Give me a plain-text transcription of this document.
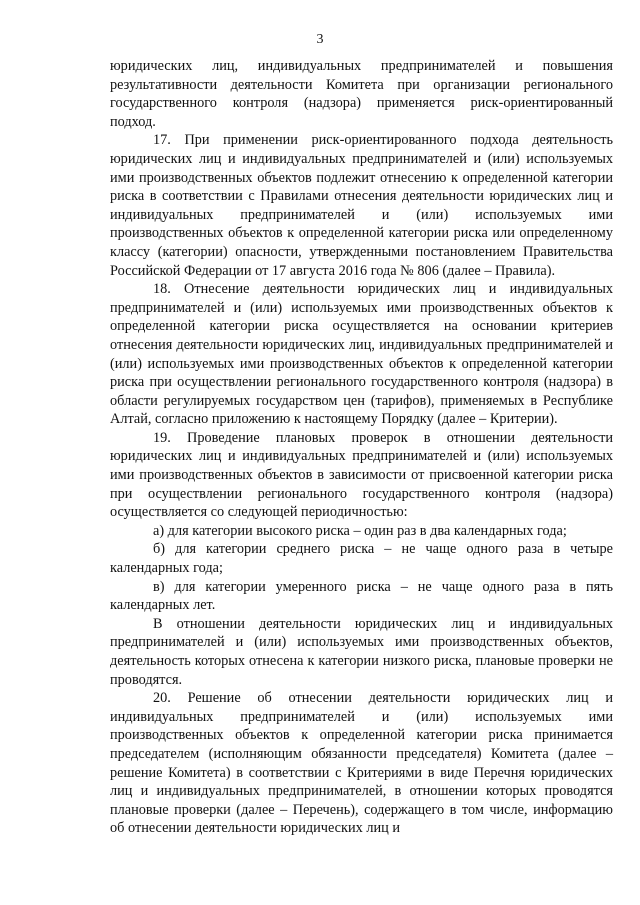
3

юридических лиц, индивидуальных предпринимателей и повышения результативности деятельности Комитета при организации регионального государственного контроля (надзора) применяется риск-ориентированный подход.

17. При применении риск-ориентированного подхода деятельность юридических лиц и индивидуальных предпринимателей и (или) используемых ими производственных объектов подлежит отнесению к определенной категории риска в соответствии с Правилами отнесения деятельности юридических лиц и индивидуальных предпринимателей и (или) используемых ими производственных объектов к определенной категории риска или определенному классу (категории) опасности, утвержденными постановлением Правительства Российской Федерации от 17 августа 2016 года № 806 (далее – Правила).

18. Отнесение деятельности юридических лиц и индивидуальных предпринимателей и (или) используемых ими производственных объектов к определенной категории риска осуществляется на основании критериев отнесения деятельности юридических лиц, индивидуальных предпринимателей и (или) используемых ими производственных объектов к определенной категории риска при осуществлении регионального государственного контроля (надзора) в области регулируемых государством цен (тарифов), применяемых в Республике Алтай, согласно приложению к настоящему Порядку (далее – Критерии).

19. Проведение плановых проверок в отношении деятельности юридических лиц и индивидуальных предпринимателей и (или) используемых ими производственных объектов в зависимости от присвоенной категории риска при осуществлении регионального государственного контроля (надзора) осуществляется со следующей периодичностью:

а) для категории высокого риска – один раз в два календарных года;

б) для категории среднего риска – не чаще одного раза в четыре календарных года;

в) для категории умеренного риска – не чаще одного раза в пять календарных лет.

В отношении деятельности юридических лиц и индивидуальных предпринимателей и (или) используемых ими производственных объектов, деятельность которых отнесена к категории низкого риска, плановые проверки не проводятся.

20. Решение об отнесении деятельности юридических лиц и индивидуальных предпринимателей и (или) используемых ими производственных объектов к определенной категории риска принимается председателем (исполняющим обязанности председателя) Комитета (далее – решение Комитета) в соответствии с Критериями в виде Перечня юридических лиц и индивидуальных предпринимателей, в отношении которых проводятся плановые проверки (далее – Перечень), содержащего в том числе, информацию об отнесении деятельности юридических лиц и
